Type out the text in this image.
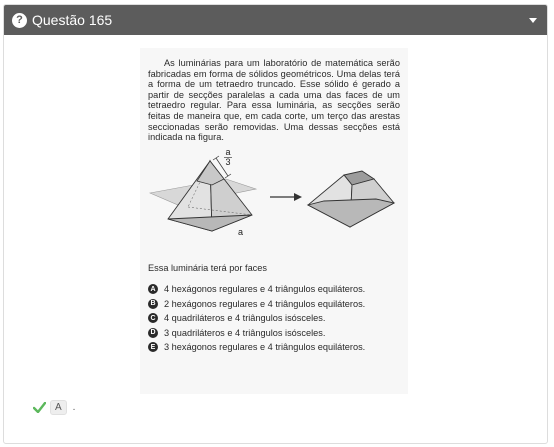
? Questão 165

As luminárias para um laboratório de matemática serão fabricadas em forma de sólidos geométricos. Uma delas terá a forma de um tetraedro truncado. Esse sólido é gerado a partir de secções paralelas a cada uma das faces de um tetraedro regular. Para essa luminária, as secções serão feitas de maneira que, em cada corte, um terço das arestas seccionadas serão removidas. Uma dessas secções está indicada na figura.

a
3
a
Essa luminária terá por faces
A 4 hexágonos regulares e 4 triângulos equiláteros.
B 2 hexágonos regulares e 4 triângulos equiláteros.
C 4 quadriláteros e 4 triângulos isósceles.
D 3 quadriláteros e 4 triângulos isósceles.
E 3 hexágonos regulares e 4 triângulos equiláteros.
A	.
